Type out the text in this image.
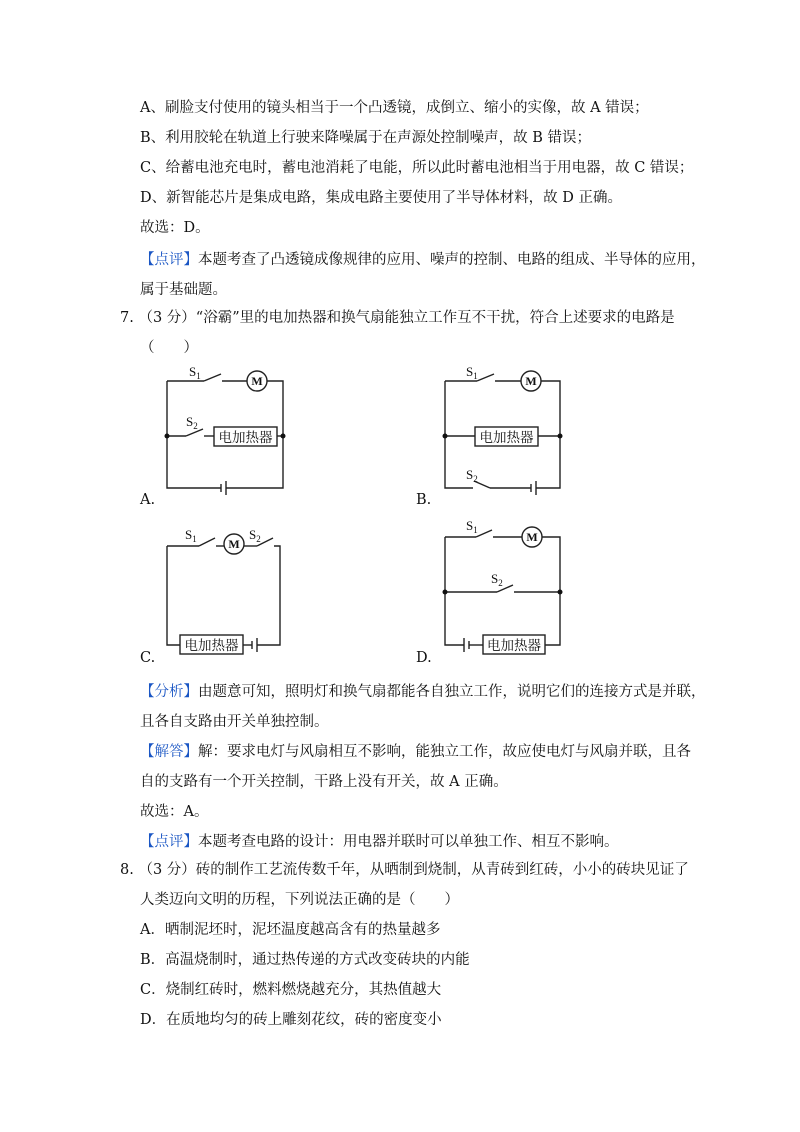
A、刷脸支付使用的镜头相当于一个凸透镜，成倒立、缩小的实像，故 A 错误；
B、利用胶轮在轨道上行驶来降噪属于在声源处控制噪声，故 B 错误；
C、给蓄电池充电时，蓄电池消耗了电能，所以此时蓄电池相当于用电器，故 C 错误；
D、新智能芯片是集成电路，集成电路主要使用了半导体材料，故 D 正确。
故选：D。
【点评】本题考查了凸透镜成像规律的应用、噪声的控制、电路的组成、半导体的应用，
属于基础题。
7. （3 分）“浴霸”里的电加热器和换气扇能独立工作互不干扰，符合上述要求的电路是
（　　）
M
电加热器
$S_1$
$S_2$
A.
M
电加热器
$S_1$
$S_2$
B.
M
电加热器
$S_1$	$S_2$
C.
M
电加热器
$S_1$
$S_2$
D.
【分析】由题意可知，照明灯和换气扇都能各自独立工作，说明它们的连接方式是并联，
且各自支路由开关单独控制。
【解答】解：要求电灯与风扇相互不影响，能独立工作，故应使电灯与风扇并联，且各
自的支路有一个开关控制，干路上没有开关，故 A 正确。
故选：A。
【点评】本题考查电路的设计：用电器并联时可以单独工作、相互不影响。
8. （3 分）砖的制作工艺流传数千年，从晒制到烧制，从青砖到红砖，小小的砖块见证了
人类迈向文明的历程，下列说法正确的是（　　）
A．晒制泥坯时，泥坯温度越高含有的热量越多
B．高温烧制时，通过热传递的方式改变砖块的内能
C．烧制红砖时，燃料燃烧越充分，其热值越大
D．在质地均匀的砖上雕刻花纹，砖的密度变小
